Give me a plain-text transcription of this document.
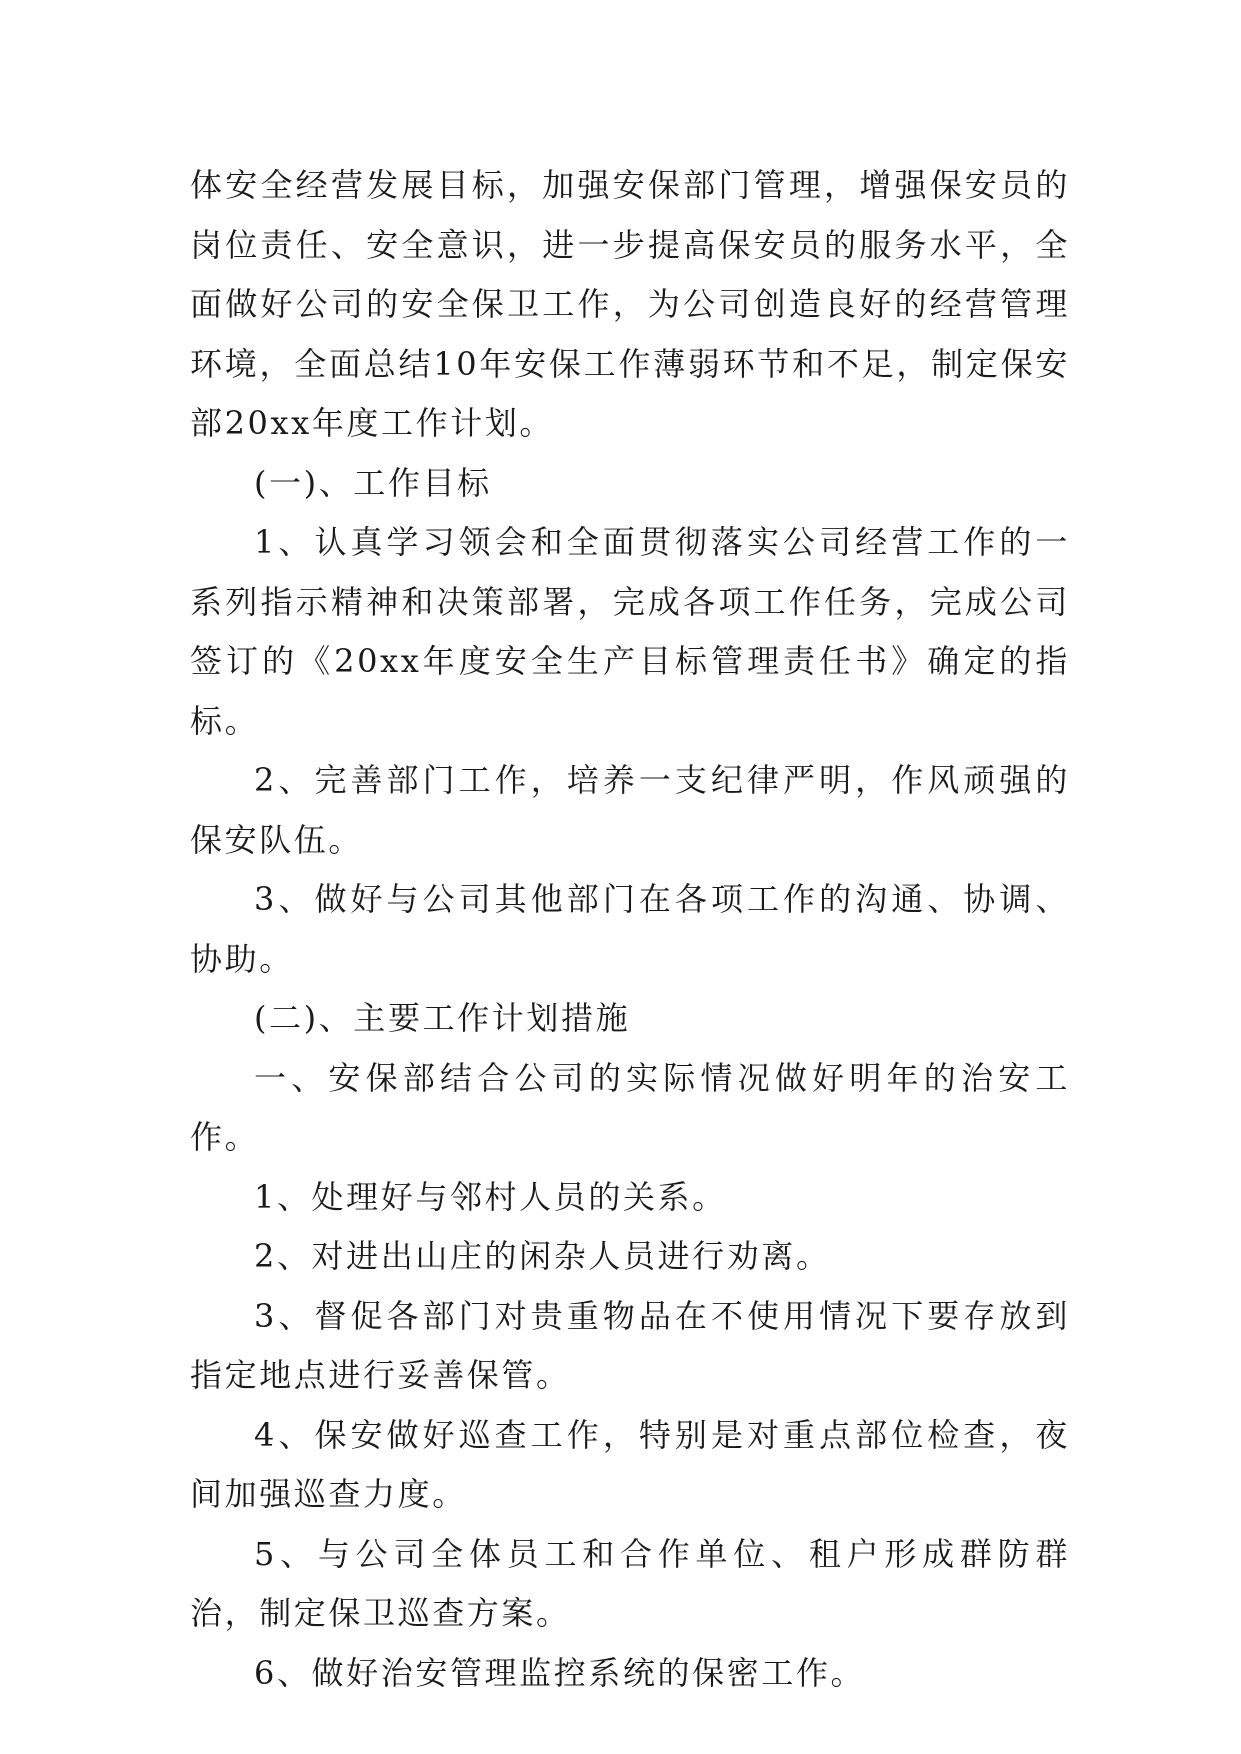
体安全经营发展目标，加强安保部门管理，增强保安员的岗位责任、安全意识，进一步提高保安员的服务水平，全面做好公司的安全保卫工作，为公司创造良好的经营管理环境，全面总结10年安保工作薄弱环节和不足，制定保安部20xx年度工作计划。

(一)、工作目标

1、认真学习领会和全面贯彻落实公司经营工作的一系列指示精神和决策部署，完成各项工作任务，完成公司签订的《20xx年度安全生产目标管理责任书》确定的指标。

2、完善部门工作，培养一支纪律严明，作风顽强的保安队伍。

3、做好与公司其他部门在各项工作的沟通、协调、协助。

(二)、主要工作计划措施

一、安保部结合公司的实际情况做好明年的治安工作。

1、处理好与邻村人员的关系。

2、对进出山庄的闲杂人员进行劝离。

3、督促各部门对贵重物品在不使用情况下要存放到指定地点进行妥善保管。

4、保安做好巡查工作，特别是对重点部位检查，夜间加强巡查力度。

5、与公司全体员工和合作单位、租户形成群防群治，制定保卫巡查方案。

6、做好治安管理监控系统的保密工作。
